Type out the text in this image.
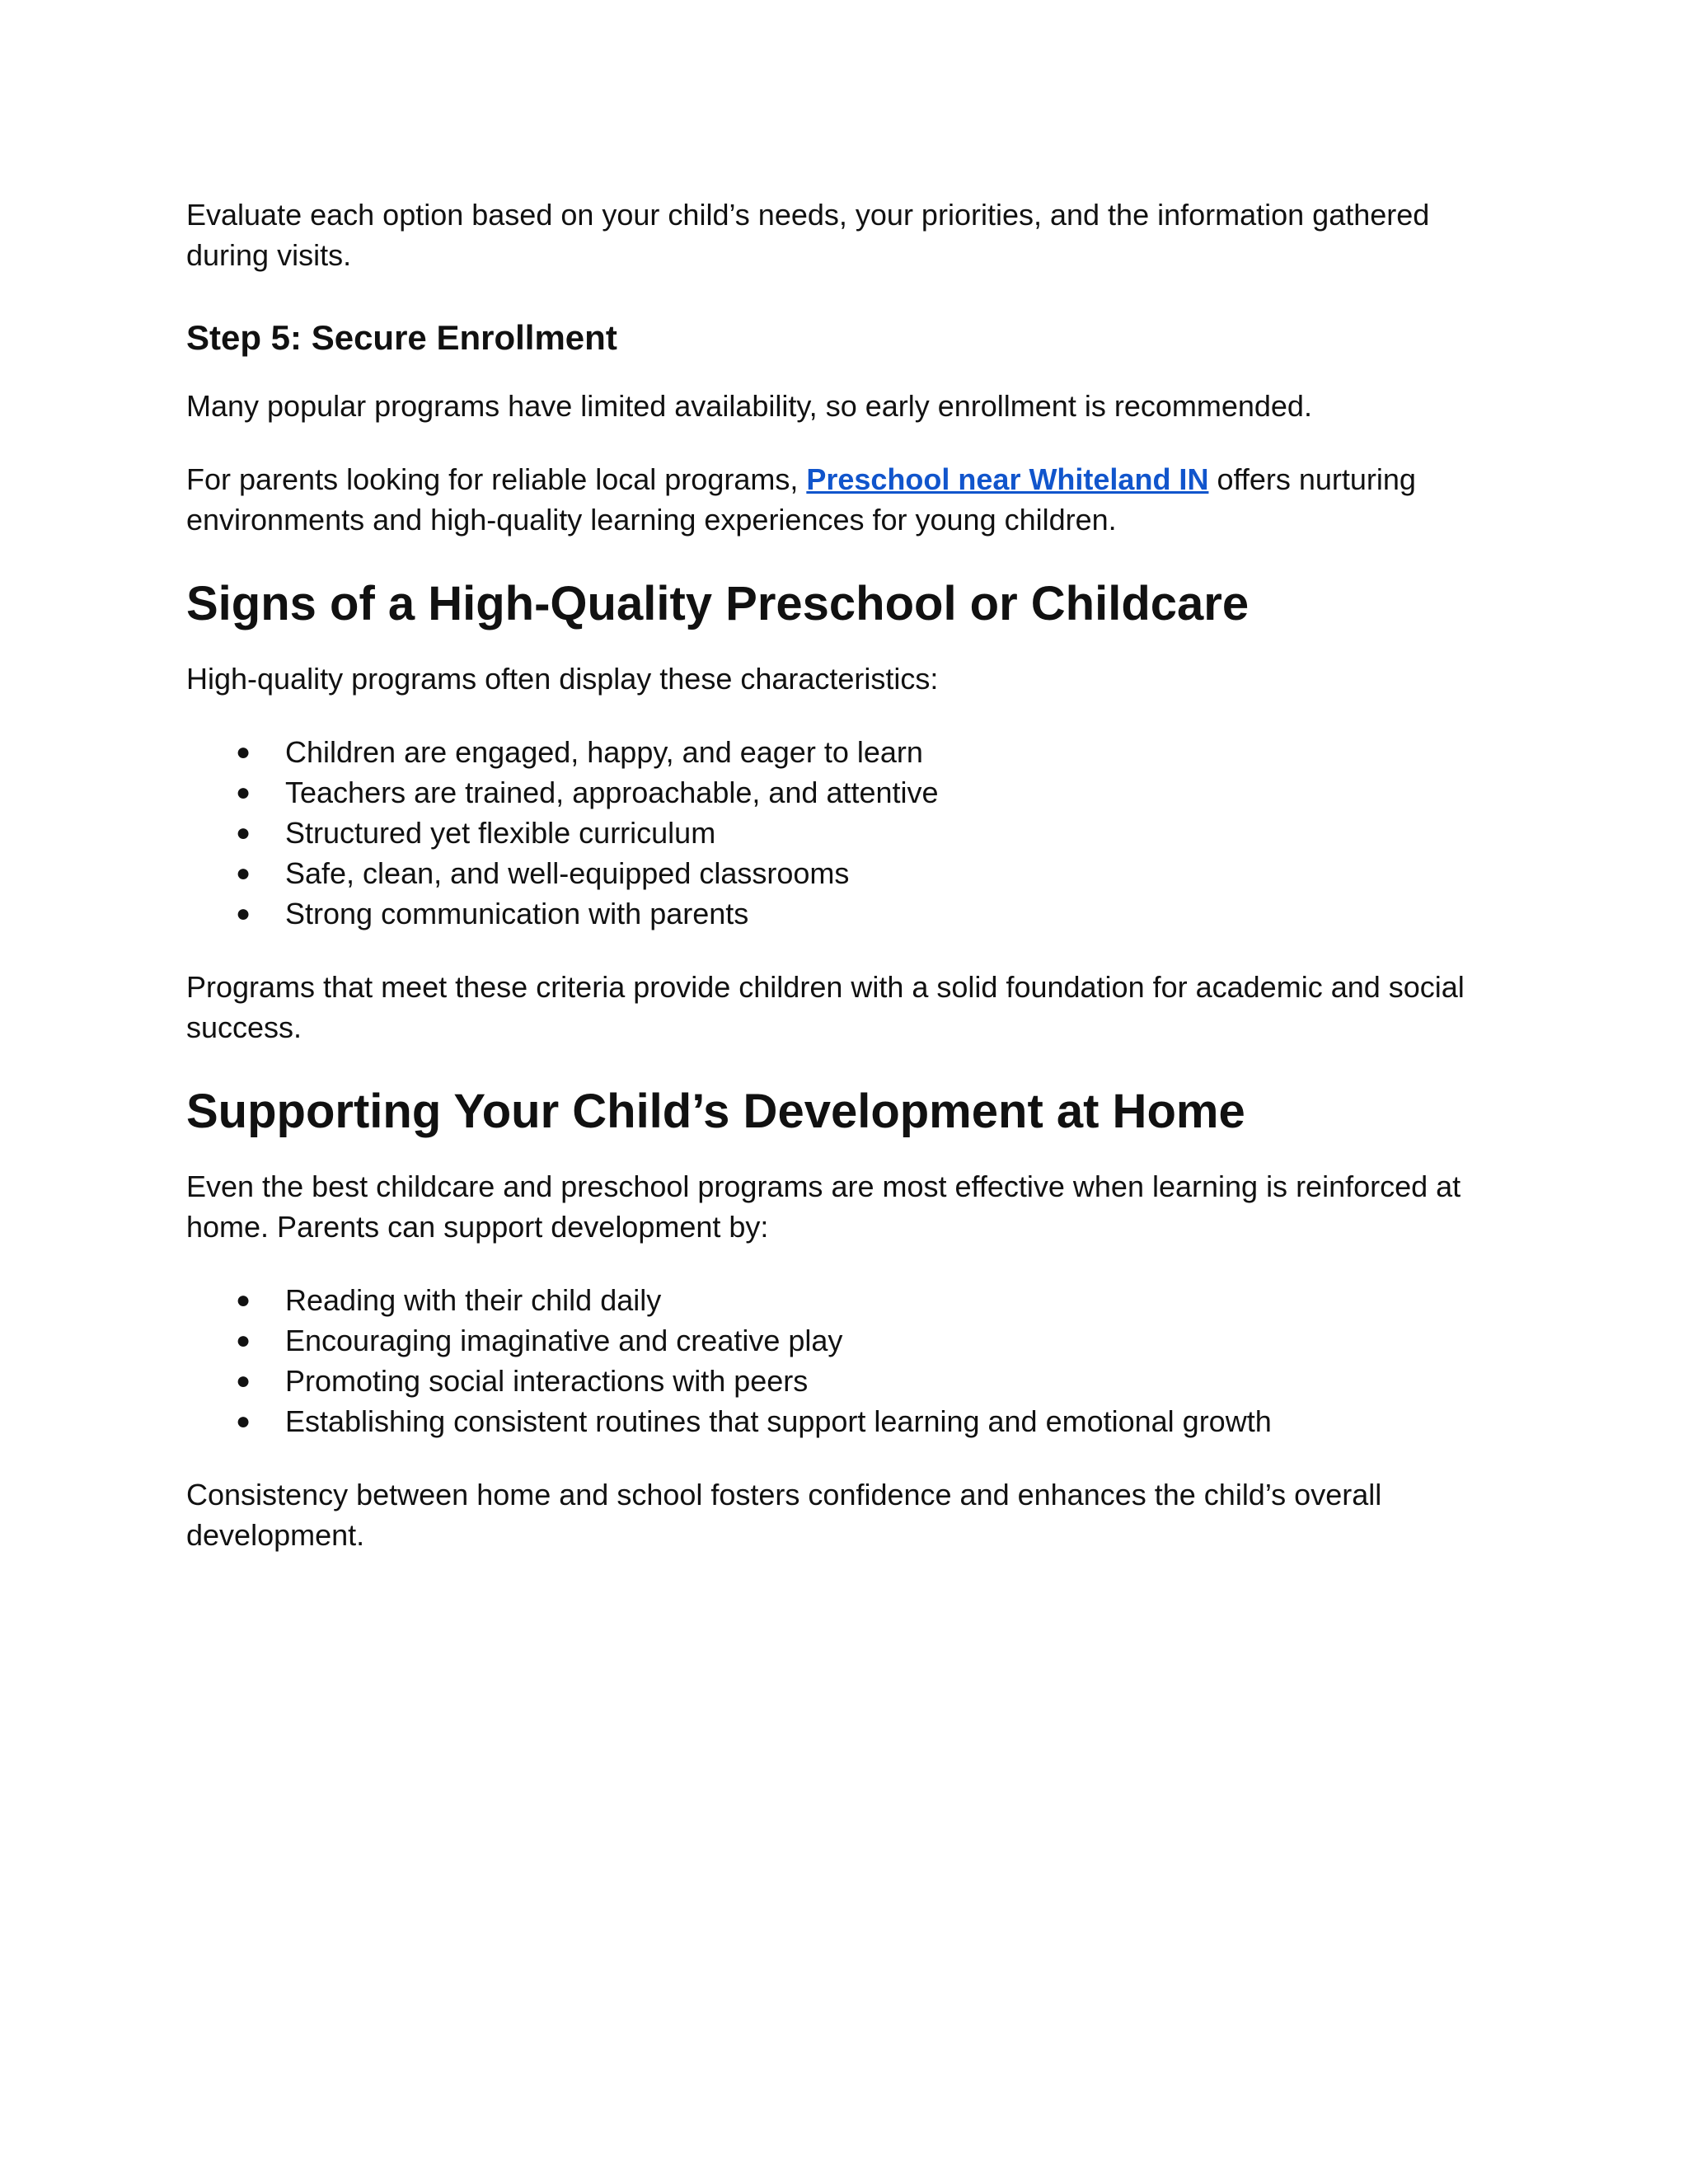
Evaluate each option based on your child’s needs, your priorities, and the information gathered during visits.

Step 5: Secure Enrollment

Many popular programs have limited availability, so early enrollment is recommended.

For parents looking for reliable local programs, Preschool near Whiteland IN offers nurturing environments and high-quality learning experiences for young children.

Signs of a High-Quality Preschool or Childcare

High-quality programs often display these characteristics:

● Children are engaged, happy, and eager to learn
● Teachers are trained, approachable, and attentive
● Structured yet flexible curriculum
● Safe, clean, and well-equipped classrooms
● Strong communication with parents

Programs that meet these criteria provide children with a solid foundation for academic and social success.

Supporting Your Child’s Development at Home

Even the best childcare and preschool programs are most effective when learning is reinforced at home. Parents can support development by:

● Reading with their child daily
● Encouraging imaginative and creative play
● Promoting social interactions with peers
● Establishing consistent routines that support learning and emotional growth

Consistency between home and school fosters confidence and enhances the child’s overall development.
